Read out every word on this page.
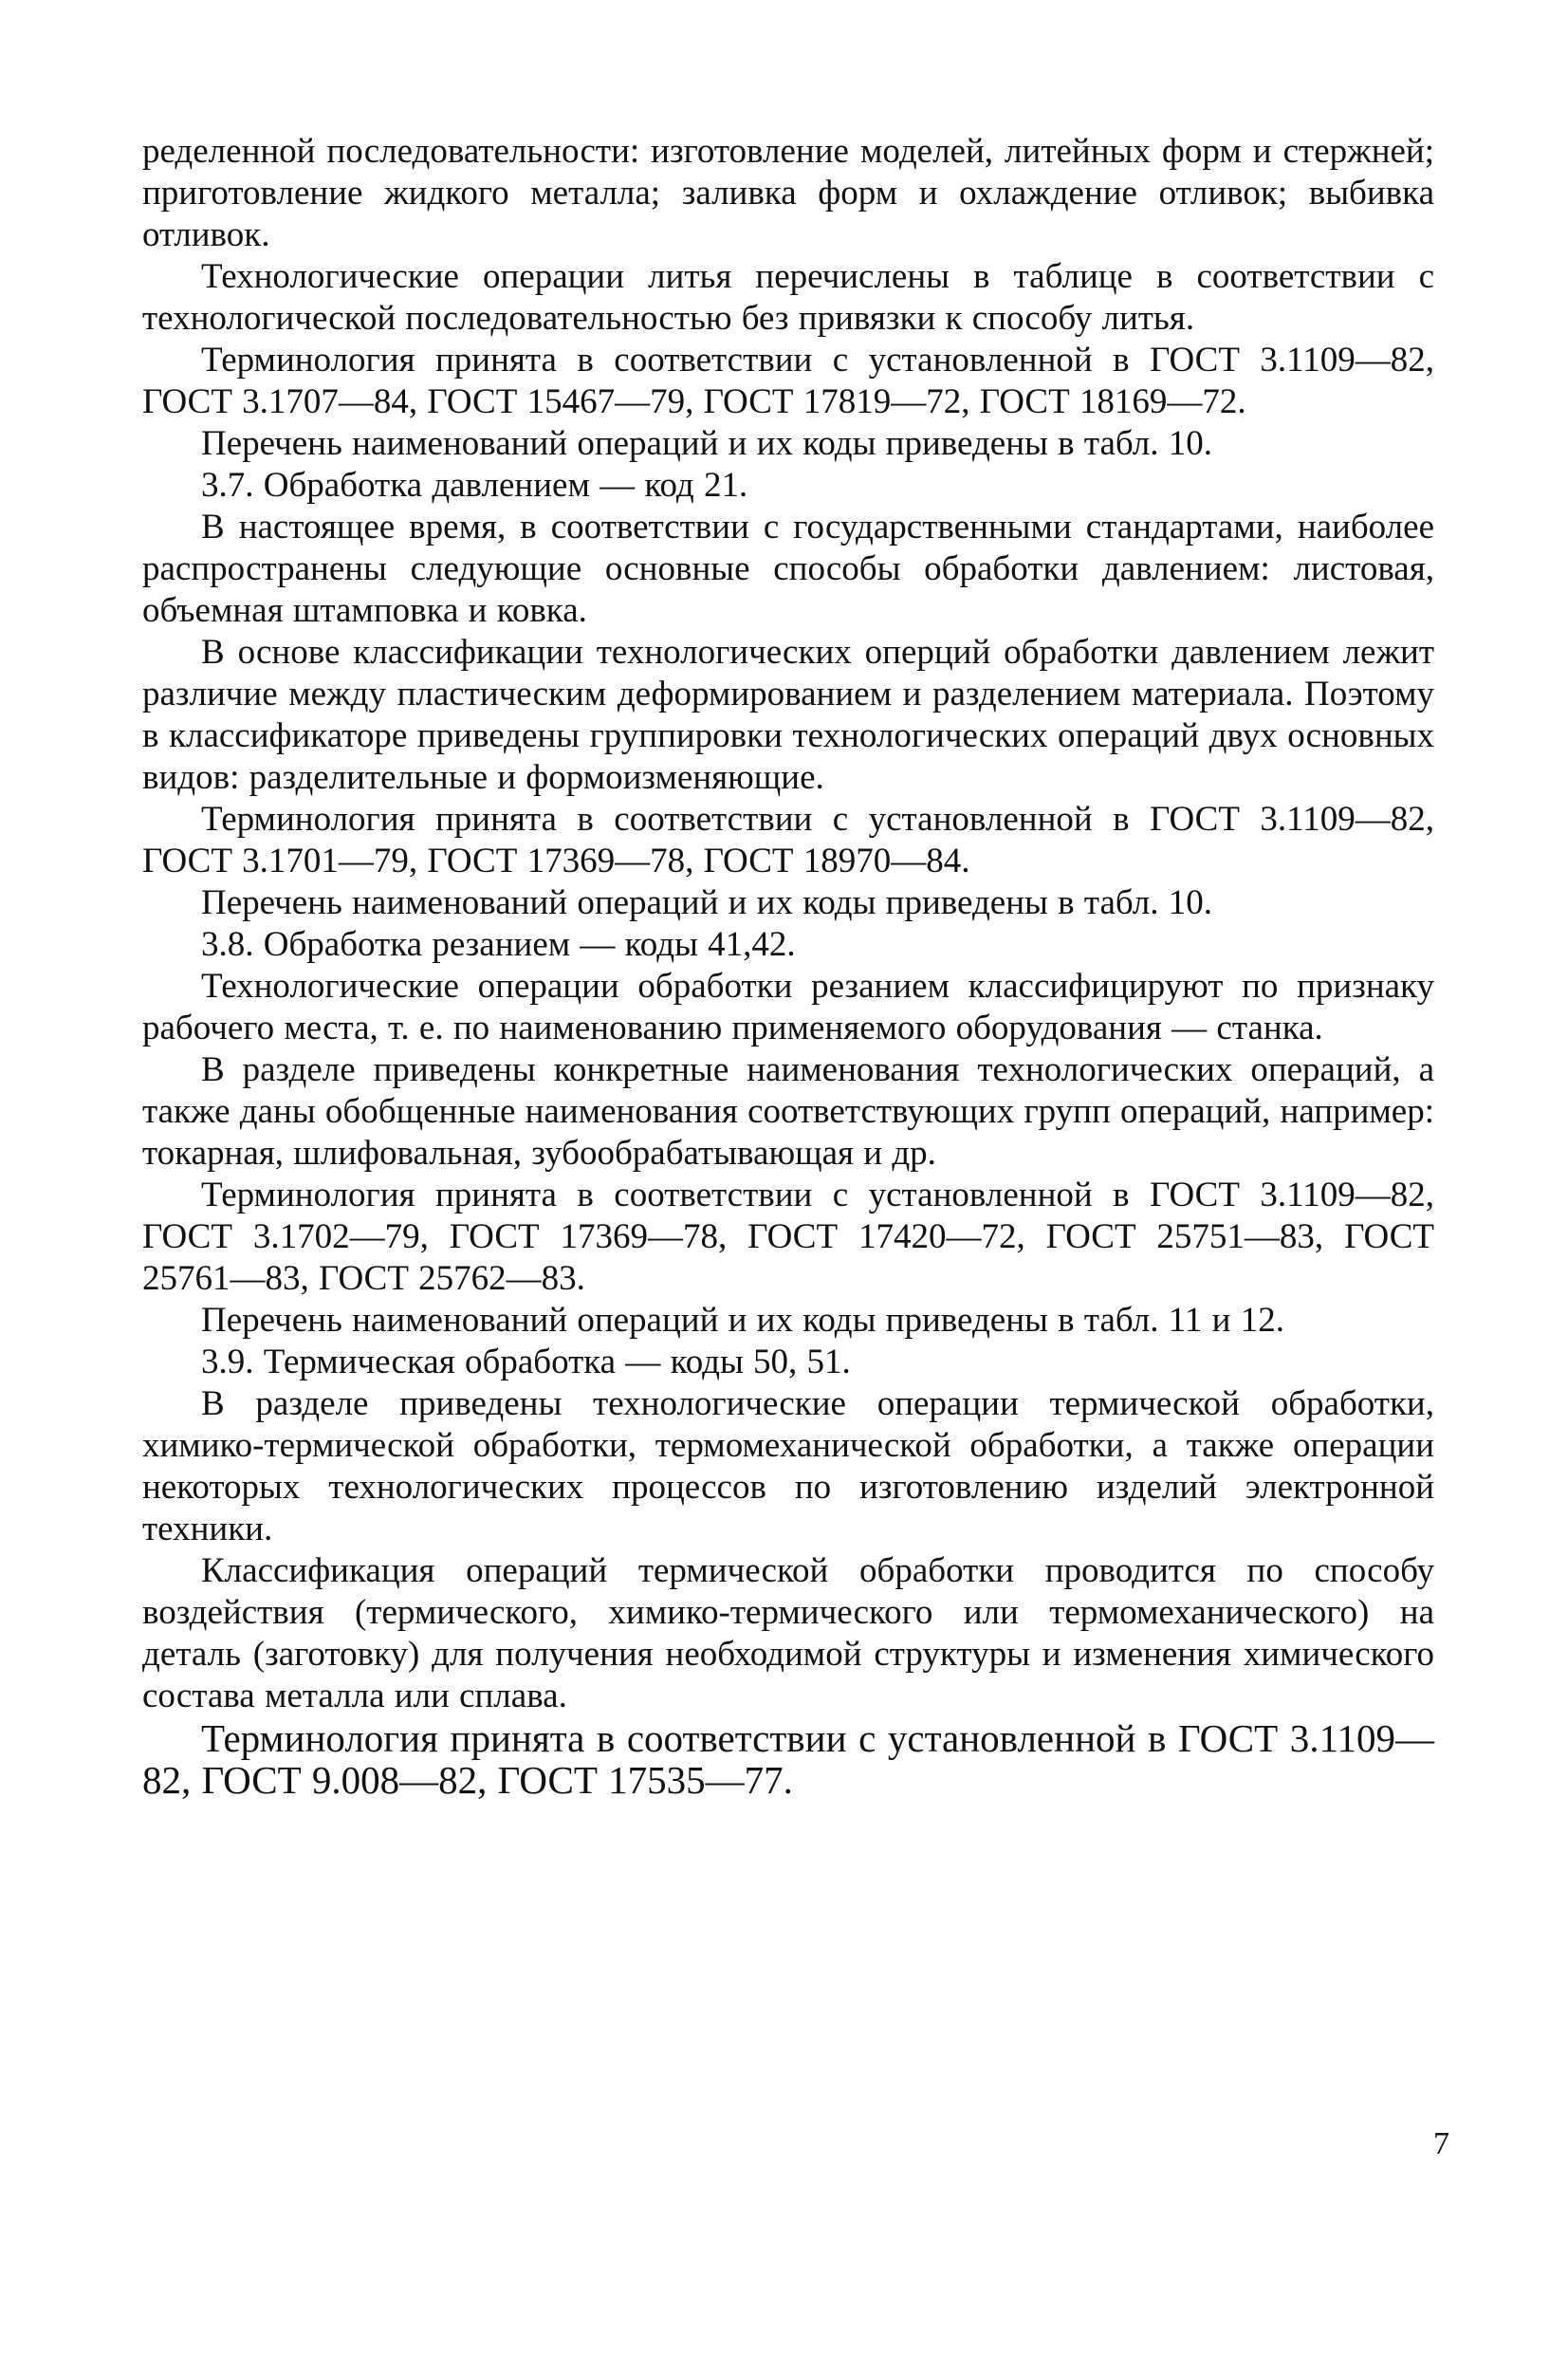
ределенной последовательности: изготовление моделей, литейных форм и стержней; приготовление жидкого металла; заливка форм и охлаждение отливок; выбивка отливок.

Технологические операции литья перечислены в таблице в соответствии с технологической последовательностью без привязки к способу литья.

Терминология принята в соответствии с установленной в ГОСТ 3.1109—82, ГОСТ 3.1707—84, ГОСТ 15467—79, ГОСТ 17819—72, ГОСТ 18169—72.

Перечень наименований операций и их коды приведены в табл. 10.

3.7. Обработка давлением — код 21.

В настоящее время, в соответствии с государственными стандартами, наиболее распространены следующие основные способы обработки давлением: листовая, объемная штамповка и ковка.

В основе классификации технологических оперций обработки давлением лежит различие между пластическим деформированием и разделением материала. Поэтому в классификаторе приведены группировки технологических операций двух основных видов: разделительные и формоизменяющие.

Терминология принята в соответствии с установленной в ГОСТ 3.1109—82, ГОСТ 3.1701—79, ГОСТ 17369—78, ГОСТ 18970—84.

Перечень наименований операций и их коды приведены в табл. 10.

3.8. Обработка резанием — коды 41,42.

Технологические операции обработки резанием классифицируют по признаку рабочего места, т. е. по наименованию применяемого оборудования — станка.

В разделе приведены конкретные наименования технологических операций, а также даны обобщенные наименования соответствующих групп операций, например: токарная, шлифовальная, зубообрабатывающая и др.

Терминология принята в соответствии с установленной в ГОСТ 3.1109—82, ГОСТ 3.1702—79, ГОСТ 17369—78, ГОСТ 17420—72, ГОСТ 25751—83, ГОСТ 25761—83, ГОСТ 25762—83.

Перечень наименований операций и их коды приведены в табл. 11 и 12.

3.9. Термическая обработка — коды 50, 51.

В разделе приведены технологические операции термической обработки, химико-термической обработки, термомеханической обработки, а также операции некоторых технологических процессов по изготовлению изделий электронной техники.

Классификация операций термической обработки проводится по способу воздействия (термического, химико-термического или термомеханического) на деталь (заготовку) для получения необходимой структуры и изменения химического состава металла или сплава.

Терминология принята в соответствии с установленной в ГОСТ 3.1109—82, ГОСТ 9.008—82, ГОСТ 17535—77.

7
